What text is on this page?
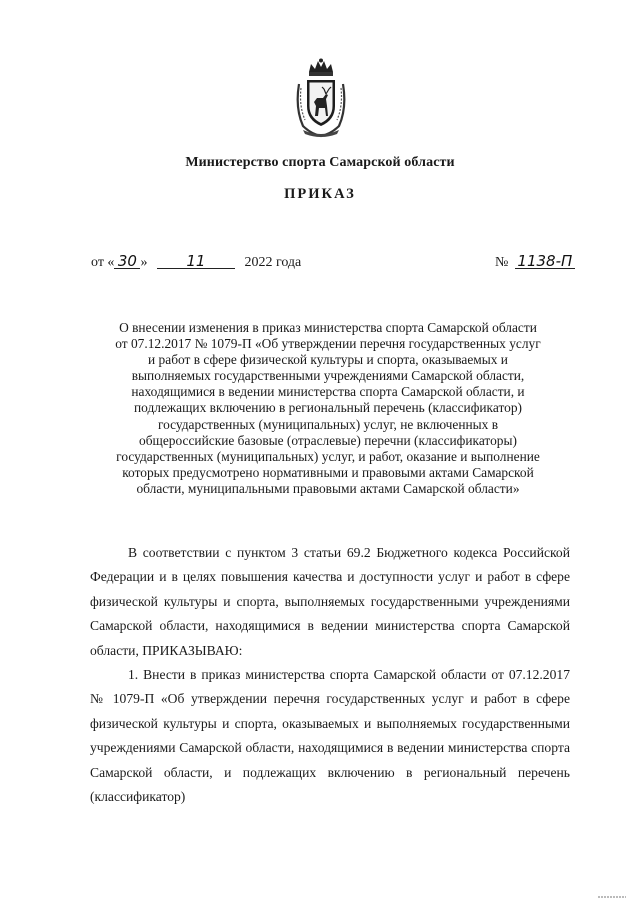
Министерство спорта Самарской области
ПРИКАЗ
от « 30 »	11	2022 года	№ 1138-П
О внесении изменения в приказ министерства спорта Самарской области
от 07.12.2017 № 1079-П «Об утверждении перечня государственных услуг
и работ в сфере физической культуры и спорта, оказываемых и
выполняемых государственными учреждениями Самарской области,
находящимися в ведении министерства спорта Самарской области, и
подлежащих включению в региональный перечень (классификатор)
государственных (муниципальных) услуг, не включенных в
общероссийские базовые (отраслевые) перечни (классификаторы)
государственных (муниципальных) услуг, и работ, оказание и выполнение
которых предусмотрено нормативными и правовыми актами Самарской
области, муниципальными правовыми актами Самарской области»

В соответствии с пунктом 3 статьи 69.2 Бюджетного кодекса Российской Федерации и в целях повышения качества и доступности услуг и работ в сфере физической культуры и спорта, выполняемых государственными учреждениями Самарской области, находящимися в ведении министерства спорта Самарской области, ПРИКАЗЫВАЮ:

1. Внести в приказ министерства спорта Самарской области от 07.12.2017 № 1079-П «Об утверждении перечня государственных услуг и работ в сфере физической культуры и спорта, оказываемых и выполняемых государственными учреждениями Самарской области, находящимися в ведении министерства спорта Самарской области, и подлежащих включению в региональный перечень (классификатор)
